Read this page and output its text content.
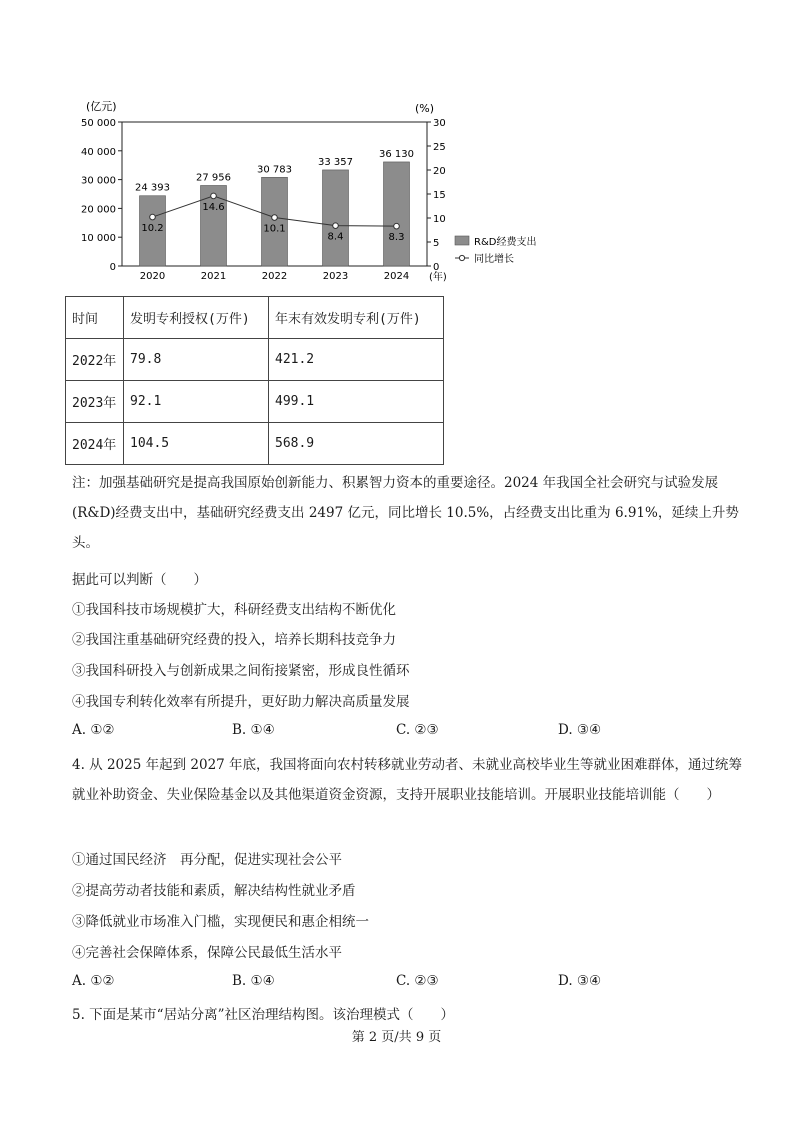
0
10 000
20 000
30 000
40 000
50 000
0
5
10
15
20
25
30
(亿元)	(%)
24 393
27 956
30 783
33 357
36 130
2020	2021	2022	2023	2024 (年)
10.2
14.6
10.1
8.4	8.3	R&D经费支出
同比增长
时间	发明专利授权(万件)	年末有效发明专利(万件)
2022年	79.8	421.2
2023年	92.1	499.1
2024年	104.5	568.9
注：加强基础研究是提高我国原始创新能力、积累智力资本的重要途径。2024 年我国全社会研究与试验发展(R&D)经费支出中，基础研究经费支出 2497 亿元，同比增长 10.5%，占经费支出比重为 6.91%，延续上升势头。
据此可以判断（　　）
①我国科技市场规模扩大，科研经费支出结构不断优化
②我国注重基础研究经费的投入，培养长期科技竞争力
③我国科研投入与创新成果之间衔接紧密，形成良性循环
④我国专利转化效率有所提升，更好助力解决高质量发展
A. ①②	B. ①④	C. ②③	D. ③④
4. 从 2025 年起到 2027 年底，我国将面向农村转移就业劳动者、未就业高校毕业生等就业困难群体，通过统筹就业补助资金、失业保险基金以及其他渠道资金资源，支持开展职业技能培训。开展职业技能培训能（　　）
①通过国民经济　再分配，促进实现社会公平
②提高劳动者技能和素质，解决结构性就业矛盾
③降低就业市场准入门槛，实现便民和惠企相统一
④完善社会保障体系，保障公民最低生活水平
A. ①②	B. ①④	C. ②③	D. ③④
5. 下面是某市“居站分离”社区治理结构图。该治理模式（　　）
第 2 页/共 9 页
